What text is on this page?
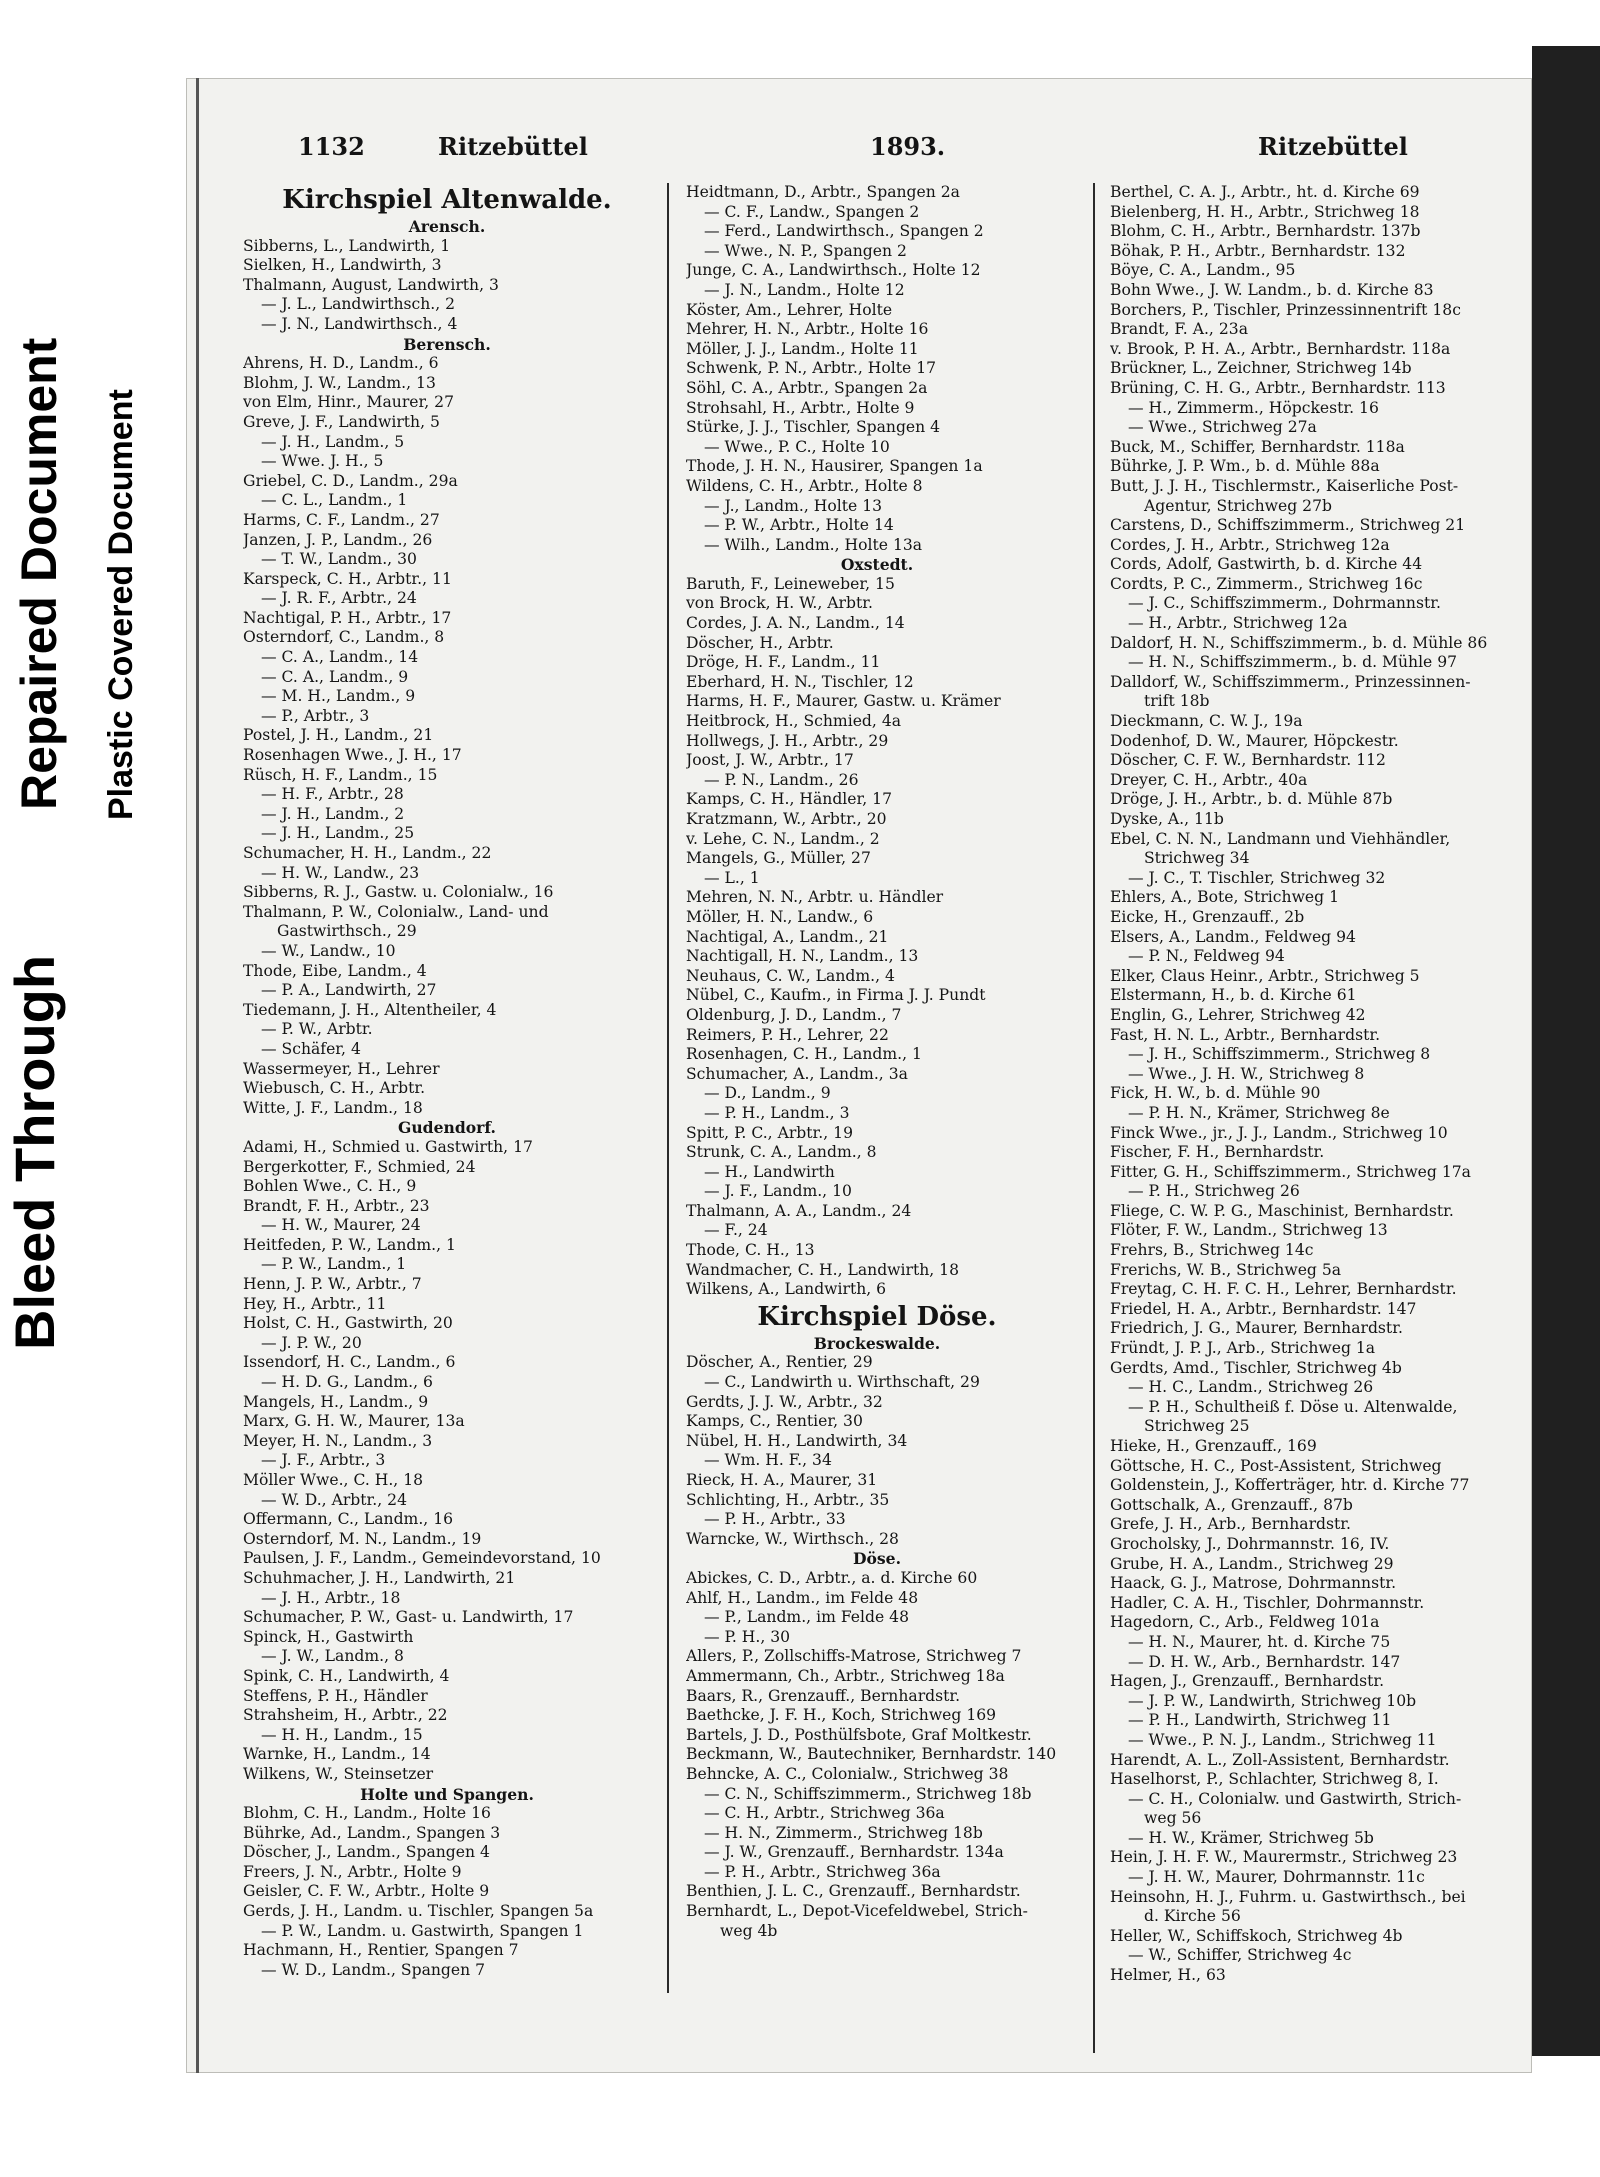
Bleed Through
Repaired Document Plastic Covered Document
1132	Ritzebüttel	1893.	Ritzebüttel
Kirchspiel Altenwalde.
Arensch.
Sibberns, L., Landwirth, 1
Sielken, H., Landwirth, 3
Thalmann, August, Landwirth, 3
— J. L., Landwirthsch., 2
— J. N., Landwirthsch., 4
Berensch.
Ahrens, H. D., Landm., 6
Blohm, J. W., Landm., 13
von Elm, Hinr., Maurer, 27
Greve, J. F., Landwirth, 5
— J. H., Landm., 5
— Wwe. J. H., 5
Griebel, C. D., Landm., 29a
— C. L., Landm., 1
Harms, C. F., Landm., 27
Janzen, J. P., Landm., 26
— T. W., Landm., 30
Karspeck, C. H., Arbtr., 11
— J. R. F., Arbtr., 24
Nachtigal, P. H., Arbtr., 17
Osterndorf, C., Landm., 8
— C. A., Landm., 14
— C. A., Landm., 9
— M. H., Landm., 9
— P., Arbtr., 3
Postel, J. H., Landm., 21
Rosenhagen Wwe., J. H., 17
Rüsch, H. F., Landm., 15
— H. F., Arbtr., 28
— J. H., Landm., 2
— J. H., Landm., 25
Schumacher, H. H., Landm., 22
— H. W., Landw., 23
Sibberns, R. J., Gastw. u. Colonialw., 16
Thalmann, P. W., Colonialw., Land- und
Gastwirthsch., 29
— W., Landw., 10
Thode, Eibe, Landm., 4
— P. A., Landwirth, 27
Tiedemann, J. H., Altentheiler, 4
— P. W., Arbtr.
— Schäfer, 4
Wassermeyer, H., Lehrer
Wiebusch, C. H., Arbtr.
Witte, J. F., Landm., 18
Gudendorf.
Adami, H., Schmied u. Gastwirth, 17
Bergerkotter, F., Schmied, 24
Bohlen Wwe., C. H., 9
Brandt, F. H., Arbtr., 23
— H. W., Maurer, 24
Heitfeden, P. W., Landm., 1
— P. W., Landm., 1
Henn, J. P. W., Arbtr., 7
Hey, H., Arbtr., 11
Holst, C. H., Gastwirth, 20
— J. P. W., 20
Issendorf, H. C., Landm., 6
— H. D. G., Landm., 6
Mangels, H., Landm., 9
Marx, G. H. W., Maurer, 13a
Meyer, H. N., Landm., 3
— J. F., Arbtr., 3
Möller Wwe., C. H., 18
— W. D., Arbtr., 24
Offermann, C., Landm., 16
Osterndorf, M. N., Landm., 19
Paulsen, J. F., Landm., Gemeindevorstand, 10
Schuhmacher, J. H., Landwirth, 21
— J. H., Arbtr., 18
Schumacher, P. W., Gast- u. Landwirth, 17
Spinck, H., Gastwirth
— J. W., Landm., 8
Spink, C. H., Landwirth, 4
Steffens, P. H., Händler
Strahsheim, H., Arbtr., 22
— H. H., Landm., 15
Warnke, H., Landm., 14
Wilkens, W., Steinsetzer
Holte und Spangen.
Blohm, C. H., Landm., Holte 16
Bührke, Ad., Landm., Spangen 3
Döscher, J., Landm., Spangen 4
Freers, J. N., Arbtr., Holte 9
Geisler, C. F. W., Arbtr., Holte 9
Gerds, J. H., Landm. u. Tischler, Spangen 5a
— P. W., Landm. u. Gastwirth, Spangen 1
Hachmann, H., Rentier, Spangen 7
— W. D., Landm., Spangen 7
Heidtmann, D., Arbtr., Spangen 2a
— C. F., Landw., Spangen 2
— Ferd., Landwirthsch., Spangen 2
— Wwe., N. P., Spangen 2
Junge, C. A., Landwirthsch., Holte 12
— J. N., Landm., Holte 12
Köster, Am., Lehrer, Holte
Mehrer, H. N., Arbtr., Holte 16
Möller, J. J., Landm., Holte 11
Schwenk, P. N., Arbtr., Holte 17
Söhl, C. A., Arbtr., Spangen 2a
Strohsahl, H., Arbtr., Holte 9
Stürke, J. J., Tischler, Spangen 4
— Wwe., P. C., Holte 10
Thode, J. H. N., Hausirer, Spangen 1a
Wildens, C. H., Arbtr., Holte 8
— J., Landm., Holte 13
— P. W., Arbtr., Holte 14
— Wilh., Landm., Holte 13a
Oxstedt.
Baruth, F., Leineweber, 15
von Brock, H. W., Arbtr.
Cordes, J. A. N., Landm., 14
Döscher, H., Arbtr.
Dröge, H. F., Landm., 11
Eberhard, H. N., Tischler, 12
Harms, H. F., Maurer, Gastw. u. Krämer
Heitbrock, H., Schmied, 4a
Hollwegs, J. H., Arbtr., 29
Joost, J. W., Arbtr., 17
— P. N., Landm., 26
Kamps, C. H., Händler, 17
Kratzmann, W., Arbtr., 20
v. Lehe, C. N., Landm., 2
Mangels, G., Müller, 27
— L., 1
Mehren, N. N., Arbtr. u. Händler
Möller, H. N., Landw., 6
Nachtigal, A., Landm., 21
Nachtigall, H. N., Landm., 13
Neuhaus, C. W., Landm., 4
Nübel, C., Kaufm., in Firma J. J. Pundt
Oldenburg, J. D., Landm., 7
Reimers, P. H., Lehrer, 22
Rosenhagen, C. H., Landm., 1
Schumacher, A., Landm., 3a
— D., Landm., 9
— P. H., Landm., 3
Spitt, P. C., Arbtr., 19
Strunk, C. A., Landm., 8
— H., Landwirth
— J. F., Landm., 10
Thalmann, A. A., Landm., 24
— F., 24
Thode, C. H., 13
Wandmacher, C. H., Landwirth, 18
Wilkens, A., Landwirth, 6
Kirchspiel Döse.
Brockeswalde.
Döscher, A., Rentier, 29
— C., Landwirth u. Wirthschaft, 29
Gerdts, J. J. W., Arbtr., 32
Kamps, C., Rentier, 30
Nübel, H. H., Landwirth, 34
— Wm. H. F., 34
Rieck, H. A., Maurer, 31
Schlichting, H., Arbtr., 35
— P. H., Arbtr., 33
Warncke, W., Wirthsch., 28
Döse.
Abickes, C. D., Arbtr., a. d. Kirche 60
Ahlf, H., Landm., im Felde 48
— P., Landm., im Felde 48
— P. H., 30
Allers, P., Zollschiffs-Matrose, Strichweg 7
Ammermann, Ch., Arbtr., Strichweg 18a
Baars, R., Grenzauff., Bernhardstr.
Baethcke, J. F. H., Koch, Strichweg 169
Bartels, J. D., Posthülfsbote, Graf Moltkestr.
Beckmann, W., Bautechniker, Bernhardstr. 140
Behncke, A. C., Colonialw., Strichweg 38
— C. N., Schiffszimmerm., Strichweg 18b
— C. H., Arbtr., Strichweg 36a
— H. N., Zimmerm., Strichweg 18b
— J. W., Grenzauff., Bernhardstr. 134a
— P. H., Arbtr., Strichweg 36a
Benthien, J. L. C., Grenzauff., Bernhardstr.
Bernhardt, L., Depot-Vicefeldwebel, Strich-
weg 4b
Berthel, C. A. J., Arbtr., ht. d. Kirche 69
Bielenberg, H. H., Arbtr., Strichweg 18
Blohm, C. H., Arbtr., Bernhardstr. 137b
Böhak, P. H., Arbtr., Bernhardstr. 132
Böye, C. A., Landm., 95
Bohn Wwe., J. W. Landm., b. d. Kirche 83
Borchers, P., Tischler, Prinzessinnentrift 18c
Brandt, F. A., 23a
v. Brook, P. H. A., Arbtr., Bernhardstr. 118a
Brückner, L., Zeichner, Strichweg 14b
Brüning, C. H. G., Arbtr., Bernhardstr. 113
— H., Zimmerm., Höpckestr. 16
— Wwe., Strichweg 27a
Buck, M., Schiffer, Bernhardstr. 118a
Bührke, J. P. Wm., b. d. Mühle 88a
Butt, J. J. H., Tischlermstr., Kaiserliche Post-
Agentur, Strichweg 27b
Carstens, D., Schiffszimmerm., Strichweg 21
Cordes, J. H., Arbtr., Strichweg 12a
Cords, Adolf, Gastwirth, b. d. Kirche 44
Cordts, P. C., Zimmerm., Strichweg 16c
— J. C., Schiffszimmerm., Dohrmannstr.
— H., Arbtr., Strichweg 12a
Daldorf, H. N., Schiffszimmerm., b. d. Mühle 86
— H. N., Schiffszimmerm., b. d. Mühle 97
Dalldorf, W., Schiffszimmerm., Prinzessinnen-
trift 18b
Dieckmann, C. W. J., 19a
Dodenhof, D. W., Maurer, Höpckestr.
Döscher, C. F. W., Bernhardstr. 112
Dreyer, C. H., Arbtr., 40a
Dröge, J. H., Arbtr., b. d. Mühle 87b
Dyske, A., 11b
Ebel, C. N. N., Landmann und Viehhändler,
Strichweg 34
— J. C., T. Tischler, Strichweg 32
Ehlers, A., Bote, Strichweg 1
Eicke, H., Grenzauff., 2b
Elsers, A., Landm., Feldweg 94
— P. N., Feldweg 94
Elker, Claus Heinr., Arbtr., Strichweg 5
Elstermann, H., b. d. Kirche 61
Englin, G., Lehrer, Strichweg 42
Fast, H. N. L., Arbtr., Bernhardstr.
— J. H., Schiffszimmerm., Strichweg 8
— Wwe., J. H. W., Strichweg 8
Fick, H. W., b. d. Mühle 90
— P. H. N., Krämer, Strichweg 8e
Finck Wwe., jr., J. J., Landm., Strichweg 10
Fischer, F. H., Bernhardstr.
Fitter, G. H., Schiffszimmerm., Strichweg 17a
— P. H., Strichweg 26
Fliege, C. W. P. G., Maschinist, Bernhardstr.
Flöter, F. W., Landm., Strichweg 13
Frehrs, B., Strichweg 14c
Frerichs, W. B., Strichweg 5a
Freytag, C. H. F. C. H., Lehrer, Bernhardstr.
Friedel, H. A., Arbtr., Bernhardstr. 147
Friedrich, J. G., Maurer, Bernhardstr.
Fründt, J. P. J., Arb., Strichweg 1a
Gerdts, Amd., Tischler, Strichweg 4b
— H. C., Landm., Strichweg 26
— P. H., Schultheiß f. Döse u. Altenwalde,
Strichweg 25
Hieke, H., Grenzauff., 169
Göttsche, H. C., Post-Assistent, Strichweg
Goldenstein, J., Kofferträger, htr. d. Kirche 77
Gottschalk, A., Grenzauff., 87b
Grefe, J. H., Arb., Bernhardstr.
Grocholsky, J., Dohrmannstr. 16, IV.
Grube, H. A., Landm., Strichweg 29
Haack, G. J., Matrose, Dohrmannstr.
Hadler, C. A. H., Tischler, Dohrmannstr.
Hagedorn, C., Arb., Feldweg 101a
— H. N., Maurer, ht. d. Kirche 75
— D. H. W., Arb., Bernhardstr. 147
Hagen, J., Grenzauff., Bernhardstr.
— J. P. W., Landwirth, Strichweg 10b
— P. H., Landwirth, Strichweg 11
— Wwe., P. N. J., Landm., Strichweg 11
Harendt, A. L., Zoll-Assistent, Bernhardstr.
Haselhorst, P., Schlachter, Strichweg 8, I.
— C. H., Colonialw. und Gastwirth, Strich-
weg 56
— H. W., Krämer, Strichweg 5b
Hein, J. H. F. W., Maurermstr., Strichweg 23
— J. H. W., Maurer, Dohrmannstr. 11c
Heinsohn, H. J., Fuhrm. u. Gastwirthsch., bei
d. Kirche 56
Heller, W., Schiffskoch, Strichweg 4b
— W., Schiffer, Strichweg 4c
Helmer, H., 63
